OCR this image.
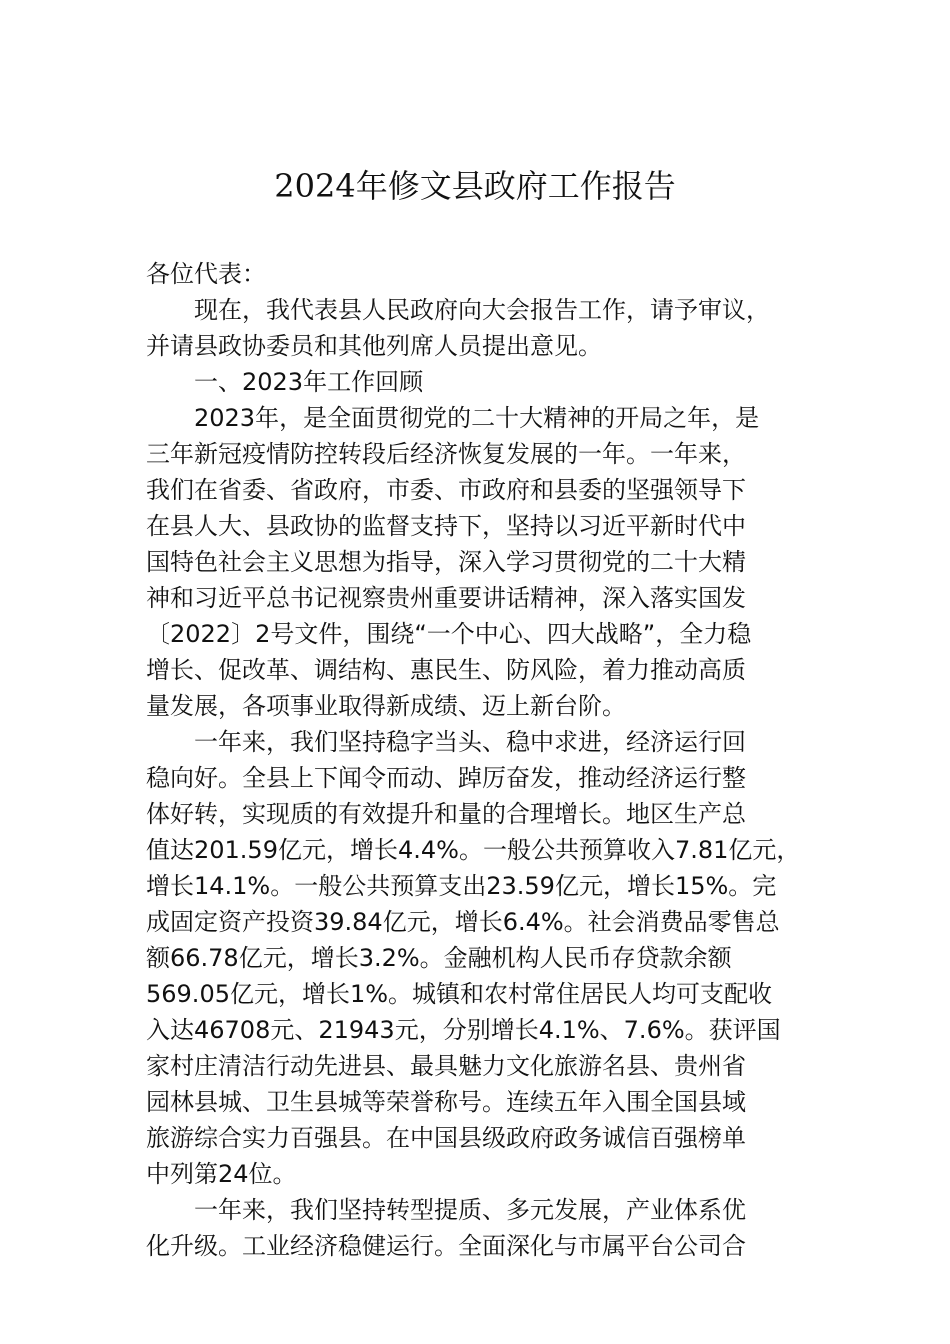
2024年修文县政府工作报告
各位代表：
现在，我代表县人民政府向大会报告工作，请予审议，
并请县政协委员和其他列席人员提出意见。
一、2023年工作回顾
2023年，是全面贯彻党的二十大精神的开局之年，是
三年新冠疫情防控转段后经济恢复发展的一年。一年来，
我们在省委、省政府，市委、市政府和县委的坚强领导下
在县人大、县政协的监督支持下，坚持以习近平新时代中
国特色社会主义思想为指导，深入学习贯彻党的二十大精
神和习近平总书记视察贵州重要讲话精神，深入落实国发
〔2022〕2号文件，围绕“一个中心、四大战略”，全力稳
增长、促改革、调结构、惠民生、防风险，着力推动高质
量发展，各项事业取得新成绩、迈上新台阶。
一年来，我们坚持稳字当头、稳中求进，经济运行回
稳向好。全县上下闻令而动、踔厉奋发，推动经济运行整
体好转，实现质的有效提升和量的合理增长。地区生产总
值达201.59亿元，增长4.4%。一般公共预算收入7.81亿元，
增长14.1%。一般公共预算支出23.59亿元，增长15%。完
成固定资产投资39.84亿元，增长6.4%。社会消费品零售总
额66.78亿元，增长3.2%。金融机构人民币存贷款余额
569.05亿元，增长1%。城镇和农村常住居民人均可支配收
入达46708元、21943元，分别增长4.1%、7.6%。获评国
家村庄清洁行动先进县、最具魅力文化旅游名县、贵州省
园林县城、卫生县城等荣誉称号。连续五年入围全国县域
旅游综合实力百强县。在中国县级政府政务诚信百强榜单
中列第24位。
一年来，我们坚持转型提质、多元发展，产业体系优
化升级。工业经济稳健运行。全面深化与市属平台公司合
